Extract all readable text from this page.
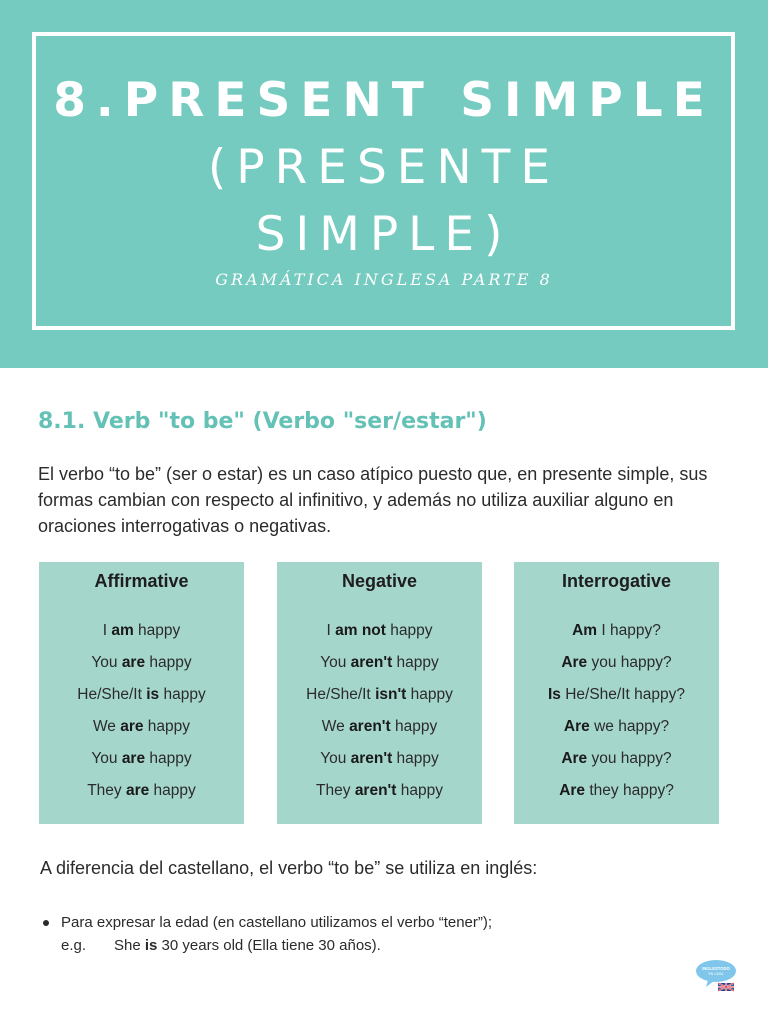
8.PRESENT SIMPLE
(PRESENTE
SIMPLE)
GRAMÁTICA INGLESA PARTE 8
8.1. Verb "to be" (Verbo "ser/estar")
El verbo “to be” (ser o estar) es un caso atípico puesto que, en presente simple, sus formas cambian con respecto al infinitivo, y además no utiliza auxiliar alguno en oraciones interrogativas o negativas.
Affirmative
I am happy
You are happy
He/She/It is happy
We are happy
You are happy
They are happy
Negative
I am not happy
You aren't happy
He/She/It isn't happy
We aren't happy
You aren't happy
They aren't happy
Interrogative
Am I happy?
Are you happy?
Is He/She/It happy?
Are we happy?
Are you happy?
Are they happy?
A diferencia del castellano, el verbo “to be” se utiliza en inglés:
Para expresar la edad (en castellano utilizamos el verbo “tener”);
e.g. She is 30 years old (Ella tiene 30 años).
INGLESTODO
EN CASA
